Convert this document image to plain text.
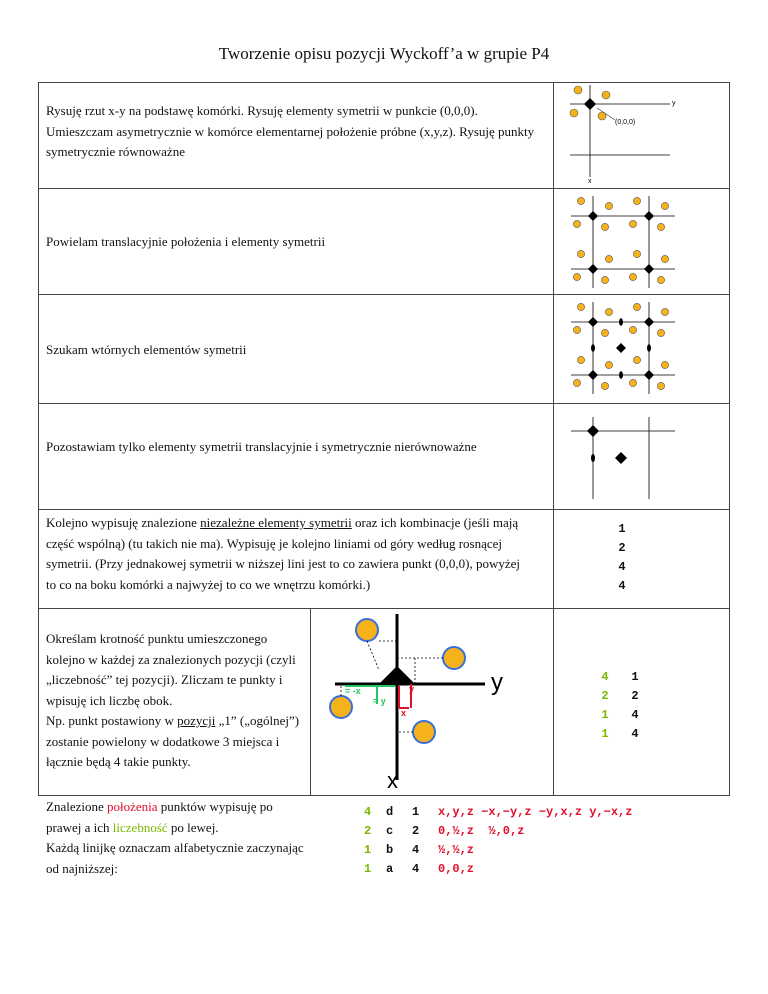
Tworzenie opisu pozycji Wyckoff’a w grupie P4
Rysuję rzut x-y na podstawę komórki. Rysuję elementy symetrii w punkcie (0,0,0). Umieszczam asymetrycznie w komórce elementarnej położenie próbne (x,y,z). Rysuję punkty symetrycznie równoważne
y
x
(0,0,0)
Powielam translacyjnie położenia i elementy symetrii
Szukam wtórnych elementów symetrii
Pozostawiam tylko elementy symetrii translacyjnie i symetrycznie nierównoważne
Kolejno wypisuję znalezione niezależne elementy symetrii oraz ich kombinacje (jeśli mają część wspólną) (tu takich nie ma). Wypisuję je kolejno liniami od góry według rosnącej symetrii. (Przy jednakowej symetrii w niższej lini jest to co zawiera punkt (0,0,0), powyżej to co na boku komórki a najwyżej to co we wnętrzu komórki.)
1
2
4
4
Określam krotność punktu umieszczonego kolejno w każdej za znalezionych pozycji (czyli „liczebność” tej pozycji). Zliczam te punkty i wpisuję ich liczbę obok.
Np. punkt postawiony w pozycji „1” („ogólnej”) zostanie powielony w dodatkowe 3 miejsca i łącznie będą 4 takie punkty.
= -x
= y
y
x
y
x
4 1
2 2
1 4
1 4
Znalezione położenia punktów wypisuję po prawej a ich liczebność po lewej.
Każdą linijkę oznaczam alfabetycznie zaczynając od najniższej:
4 d 1 x,y,z −x,−y,z −y,x,z y,−x,z
2 c 2 0,½,z  ½,0,z
1 b 4 ½,½,z
1 a 4 0,0,z
